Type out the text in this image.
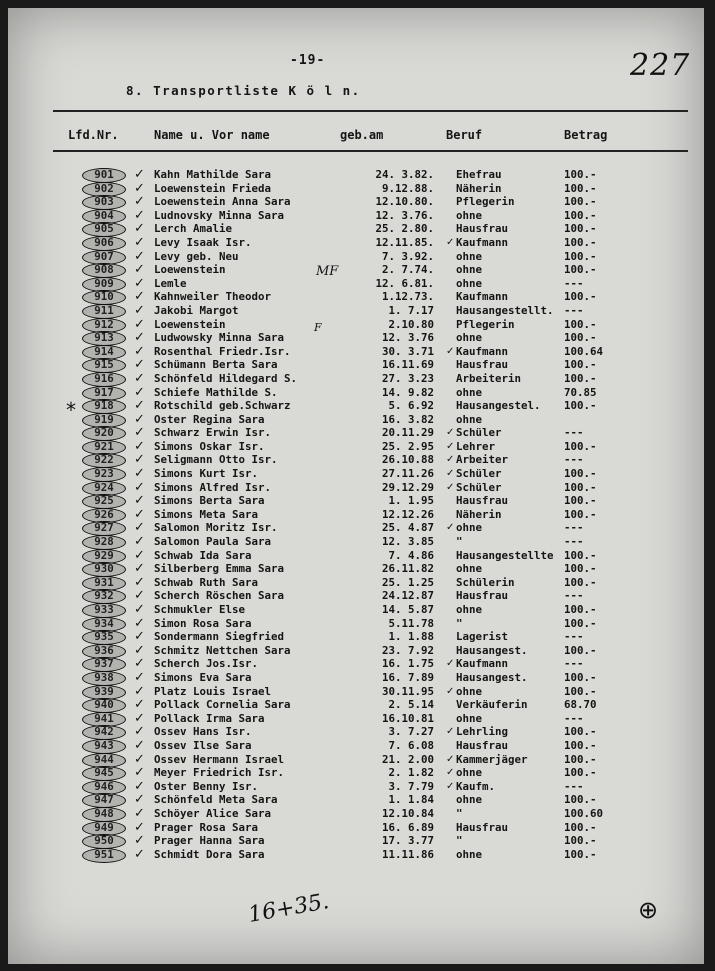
-19-	227
8. Transportliste K ö l n.
Lfd.Nr.	Name u. Vor name	geb.am	Beruf	Betrag
901	✓ Kahn Mathilde Sara	24. 3.82. Ehefrau	100.-
902	✓ Loewenstein Frieda	9.12.88. Näherin	100.-
903	✓ Loewenstein Anna Sara	12.10.80. Pflegerin	100.-
904	✓ Ludnovsky Minna Sara	12. 3.76. ohne	100.-
905	✓ Lerch Amalie	25. 2.80. Hausfrau	100.-
906	✓ Levy Isaak Isr.	12.11.85. ✓ Kaufmann	100.-
907	✓ Levy geb. Neu	7. 3.92. ohne	100.-
908	✓ Loewenstein	2. 7.74. ohne	100.-
909	✓ Lemle	12. 6.81. ohne	---
910	✓ Kahnweiler Theodor	1.12.73. Kaufmann	100.-
911	✓ Jakobi Margot	1. 7.17 Hausangestellt. ---
912	✓ Loewenstein	2.10.80 Pflegerin	100.-
913	✓ Ludwowsky Minna Sara	12. 3.76 ohne	100.-
914	✓ Rosenthal Friedr.Isr.	30. 3.71 ✓ Kaufmann	100.64
915	✓ Schümann Berta Sara	16.11.69 Hausfrau	100.-
916	✓ Schönfeld Hildegard S.	27. 3.23 Arbeiterin	100.-
917	✓ Schiefe Mathilde S.	14. 9.82 ohne	70.85
918	✓ Rotschild geb.Schwarz	5. 6.92 Hausangestel.	100.-
919	✓ Oster Regina Sara	16. 3.82 ohne
920	✓ Schwarz Erwin Isr.	20.11.29 ✓ Schüler	---
921	✓ Simons Oskar Isr.	25. 2.95 ✓ Lehrer	100.-
922	✓ Seligmann Otto Isr.	26.10.88 ✓ Arbeiter	---
923	✓ Simons Kurt Isr.	27.11.26 ✓ Schüler	100.-
924	✓ Simons Alfred Isr.	29.12.29 ✓ Schüler	100.-
925	✓ Simons Berta Sara	1. 1.95 Hausfrau	100.-
926	✓ Simons Meta Sara	12.12.26 Näherin	100.-
927	✓ Salomon Moritz Isr.	25. 4.87 ✓ ohne	---
928	✓ Salomon Paula Sara	12. 3.85 "	---
929	✓ Schwab Ida Sara	7. 4.86 Hausangestellte 100.-
930	✓ Silberberg Emma Sara	26.11.82 ohne	100.-
931	✓ Schwab Ruth Sara	25. 1.25 Schülerin	100.-
932	✓ Scherch Röschen Sara	24.12.87 Hausfrau	---
933	✓ Schmukler Else	14. 5.87 ohne	100.-
934	✓ Simon Rosa Sara	5.11.78 "	100.-
935	✓ Sondermann Siegfried	1. 1.88 Lagerist	---
936	✓ Schmitz Nettchen Sara	23. 7.92 Hausangest.	100.-
937	✓ Scherch Jos.Isr.	16. 1.75 ✓ Kaufmann	---
938	✓ Simons Eva Sara	16. 7.89 Hausangest.	100.-
939	✓ Platz Louis Israel	30.11.95 ✓ ohne	100.-
940	✓ Pollack Cornelia Sara	2. 5.14 Verkäuferin	68.70
941	✓ Pollack Irma Sara	16.10.81 ohne	---
942	✓ Ossev Hans Isr.	3. 7.27 ✓ Lehrling	100.-
943	✓ Ossev Ilse Sara	7. 6.08 Hausfrau	100.-
944	✓ Ossev Hermann Israel	21. 2.00 ✓ Kammerjäger	100.-
945	✓ Meyer Friedrich Isr.	2. 1.82 ✓ ohne	100.-
946	✓ Oster Benny Isr.	3. 7.79 ✓ Kaufm.	---
947	✓ Schönfeld Meta Sara	1. 1.84 ohne	100.-
948	✓ Schöyer Alice Sara	12.10.84 "	100.60
949	✓ Prager Rosa Sara	16. 6.89 Hausfrau	100.-
950	✓ Prager Hanna Sara	17. 3.77 "	100.-
951	✓ Schmidt Dora Sara	11.11.86 ohne	100.-
*
MF
F
16+35.	⊕
